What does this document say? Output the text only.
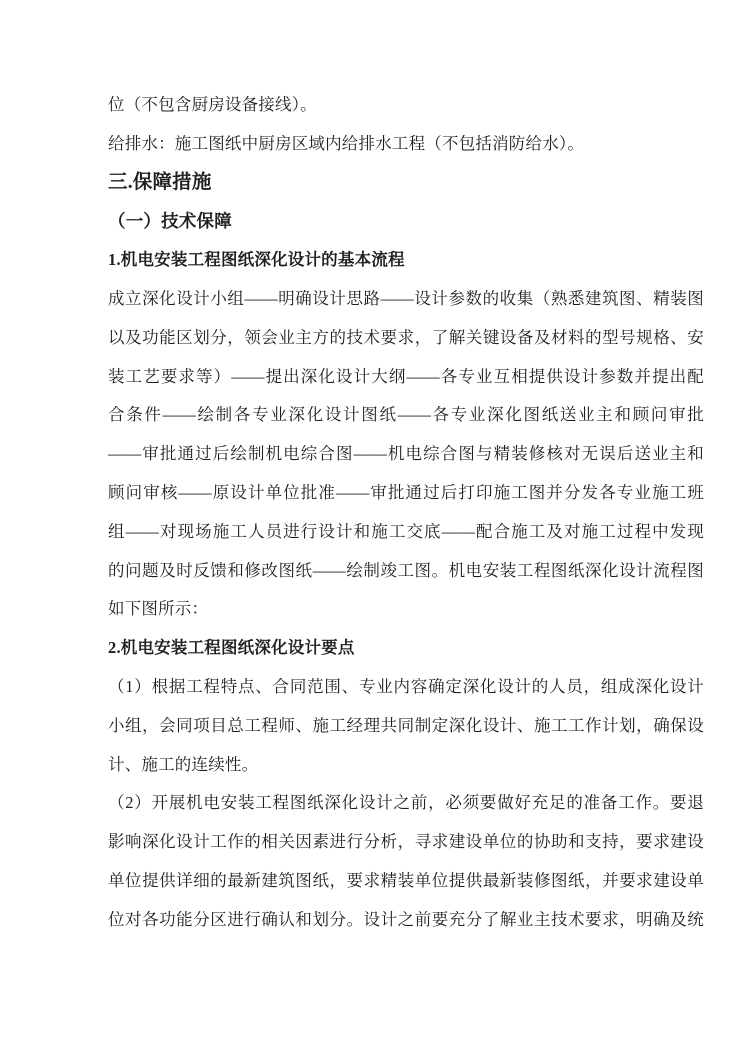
位（不包含厨房设备接线）。
给排水：施工图纸中厨房区域内给排水工程（不包括消防给水）。
三.保障措施
（一）技术保障
1.机电安装工程图纸深化设计的基本流程
成立深化设计小组——明确设计思路——设计参数的收集（熟悉建筑图、精装图
以及功能区划分，领会业主方的技术要求，了解关键设备及材料的型号规格、安
装工艺要求等）——提出深化设计大纲——各专业互相提供设计参数并提出配
合条件——绘制各专业深化设计图纸——各专业深化图纸送业主和顾问审批
——审批通过后绘制机电综合图——机电综合图与精装修核对无误后送业主和
顾问审核——原设计单位批准——审批通过后打印施工图并分发各专业施工班
组——对现场施工人员进行设计和施工交底——配合施工及对施工过程中发现
的问题及时反馈和修改图纸——绘制竣工图。机电安装工程图纸深化设计流程图
如下图所示：
2.机电安装工程图纸深化设计要点
（1）根据工程特点、合同范围、专业内容确定深化设计的人员，组成深化设计
小组，会同项目总工程师、施工经理共同制定深化设计、施工工作计划，确保设
计、施工的连续性。
（2）开展机电安装工程图纸深化设计之前，必须要做好充足的准备工作。要退
影响深化设计工作的相关因素进行分析，寻求建设单位的协助和支持，要求建设
单位提供详细的最新建筑图纸，要求精装单位提供最新装修图纸，并要求建设单
位对各功能分区进行确认和划分。设计之前要充分了解业主技术要求，明确及统
